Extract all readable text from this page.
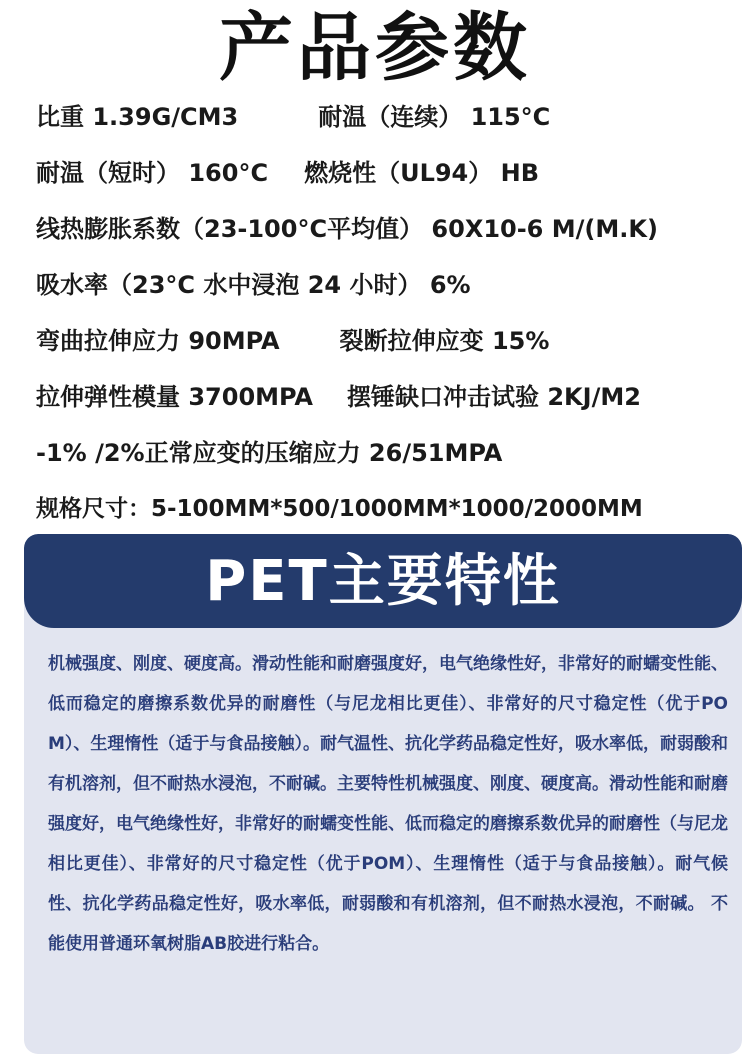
产品参数
比重 1.39G/CM3	耐温（连续） 115°C
耐温（短时） 160°C 燃烧性（UL94） HB
线热膨胀系数（23-100°C平均值） 60X10-6 M/(M.K)
吸水率（23°C 水中浸泡 24 小时） 6%
弯曲拉伸应力 90MPA	裂断拉伸应变 15%
拉伸弹性模量 3700MPA 摆锤缺口冲击试验 2KJ/M2
-1% /2%正常应变的压缩应力 26/51MPA
规格尺寸：5-100MM*500/1000MM*1000/2000MM
PET主要特性

机械强度、刚度、硬度高。滑动性能和耐磨强度好，电气绝缘性好，非常好的耐蠕变性能、低而稳定的磨擦系数优异的耐磨性（与尼龙相比更佳）、非常好的尺寸稳定性（优于POM）、生理惰性（适于与食品接触）。耐气温性、抗化学药品稳定性好，吸水率低，耐弱酸和有机溶剂，但不耐热水浸泡，不耐碱。主要特性机械强度、刚度、硬度高。滑动性能和耐磨强度好，电气绝缘性好，非常好的耐蠕变性能、低而稳定的磨擦系数优异的耐磨性（与尼龙相比更佳）、非常好的尺寸稳定性（优于POM）、生理惰性（适于与食品接触）。耐气候性、抗化学药品稳定性好，吸水率低，耐弱酸和有机溶剂，但不耐热水浸泡，不耐碱。 不能使用普通环氧树脂AB胶进行粘合。
